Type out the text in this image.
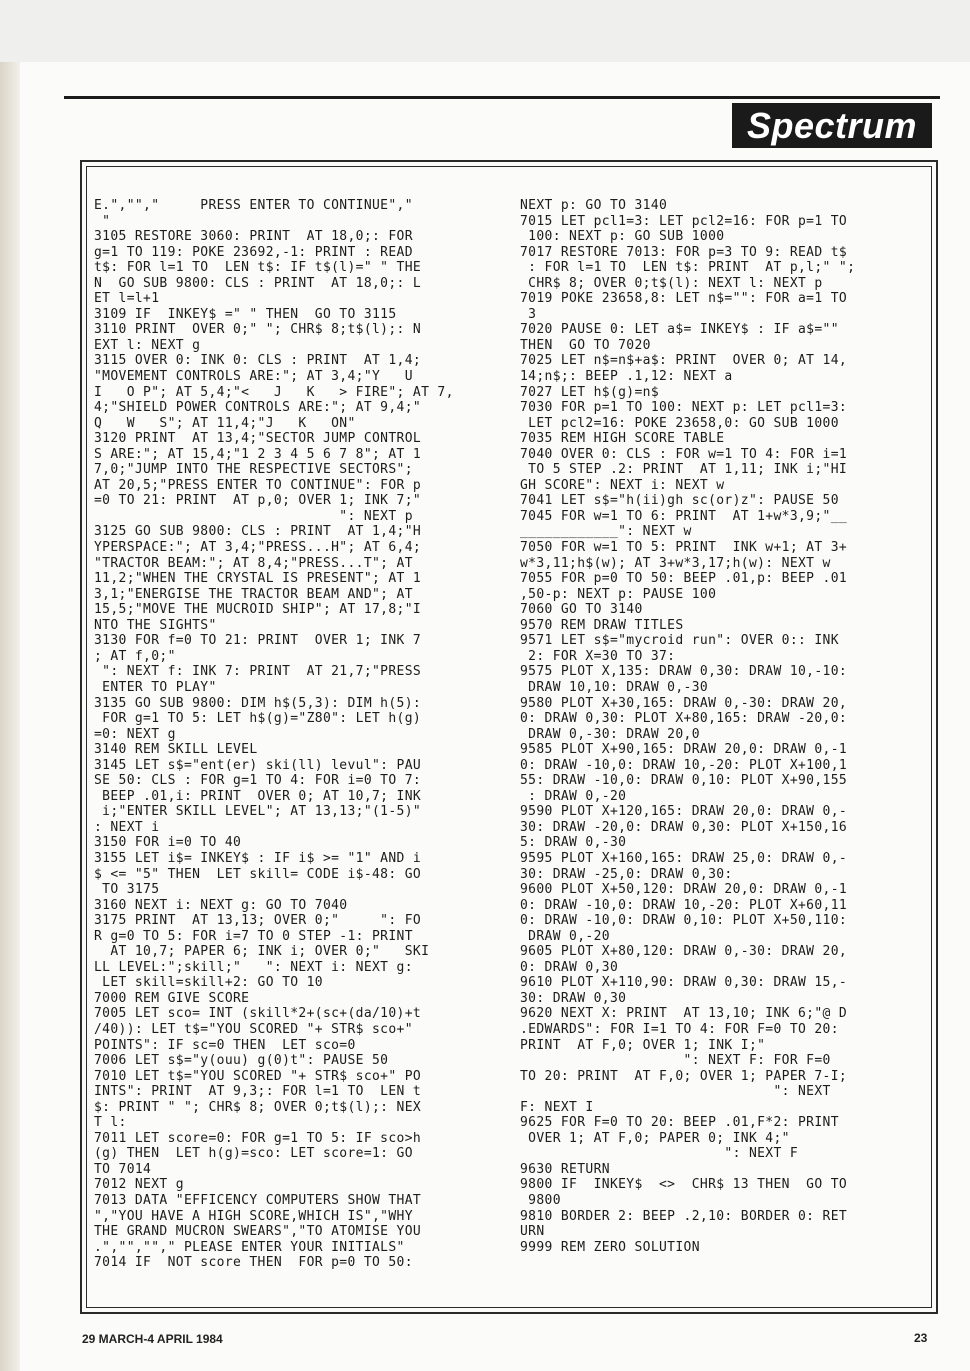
Spectrum
E.","","     PRESS ENTER TO CONTINUE","
"
3105 RESTORE 3060: PRINT  AT 18,0;: FOR
g=1 TO 119: POKE 23692,-1: PRINT : READ
t$: FOR l=1 TO  LEN t$: IF t$(l)=" " THE
N  GO SUB 9800: CLS : PRINT  AT 18,0;: L
ET l=l+1
3109 IF  INKEY$ =" " THEN  GO TO 3115
3110 PRINT  OVER 0;" "; CHR$ 8;t$(l);: N
EXT l: NEXT g
3115 OVER 0: INK 0: CLS : PRINT  AT 1,4;
"MOVEMENT CONTROLS ARE:"; AT 3,4;"Y   U
I   O P"; AT 5,4;"<   J   K   > FIRE"; AT 7,
4;"SHIELD POWER CONTROLS ARE:"; AT 9,4;"
Q   W   S"; AT 11,4;"J   K   ON"
3120 PRINT  AT 13,4;"SECTOR JUMP CONTROL
S ARE:"; AT 15,4;"1 2 3 4 5 6 7 8"; AT 1
7,0;"JUMP INTO THE RESPECTIVE SECTORS";
AT 20,5;"PRESS ENTER TO CONTINUE": FOR p
=0 TO 21: PRINT  AT p,0; OVER 1; INK 7;"
": NEXT p
3125 GO SUB 9800: CLS : PRINT  AT 1,4;"H
YPERSPACE:"; AT 3,4;"PRESS...H"; AT 6,4;
"TRACTOR BEAM:"; AT 8,4;"PRESS...T"; AT
11,2;"WHEN THE CRYSTAL IS PRESENT"; AT 1
3,1;"ENERGISE THE TRACTOR BEAM AND"; AT
15,5;"MOVE THE MUCROID SHIP"; AT 17,8;"I
NTO THE SIGHTS"
3130 FOR f=0 TO 21: PRINT  OVER 1; INK 7
; AT f,0;"
": NEXT f: INK 7: PRINT  AT 21,7;"PRESS
ENTER TO PLAY"
3135 GO SUB 9800: DIM h$(5,3): DIM h(5):
FOR g=1 TO 5: LET h$(g)="Z80": LET h(g)
=0: NEXT g
3140 REM SKILL LEVEL
3145 LET s$="ent(er) ski(ll) levul": PAU
SE 50: CLS : FOR g=1 TO 4: FOR i=0 TO 7:
BEEP .01,i: PRINT  OVER 0; AT 10,7; INK
i;"ENTER SKILL LEVEL"; AT 13,13;"(1-5)"
: NEXT i
3150 FOR i=0 TO 40
3155 LET i$= INKEY$ : IF i$ >= "1" AND i
$ <= "5" THEN  LET skill= CODE i$-48: GO
TO 3175
3160 NEXT i: NEXT g: GO TO 7040
3175 PRINT  AT 13,13; OVER 0;"     ": FO
R g=0 TO 5: FOR i=7 TO 0 STEP -1: PRINT
AT 10,7; PAPER 6; INK i; OVER 0;"   SKI
LL LEVEL:";skill;"   ": NEXT i: NEXT g:
LET skill=skill+2: GO TO 10
7000 REM GIVE SCORE
7005 LET sco= INT (skill*2+(sc+(da/10)+t
/40)): LET t$="YOU SCORED "+ STR$ sco+"
POINTS": IF sc=0 THEN  LET sco=0
7006 LET s$="y(ouu) g(0)t": PAUSE 50
7010 LET t$="YOU SCORED "+ STR$ sco+" PO
INTS": PRINT  AT 9,3;: FOR l=1 TO  LEN t
$: PRINT " "; CHR$ 8; OVER 0;t$(l);: NEX
T l:
7011 LET score=0: FOR g=1 TO 5: IF sco>h
(g) THEN  LET h(g)=sco: LET score=1: GO
TO 7014
7012 NEXT g
7013 DATA "EFFICENCY COMPUTERS SHOW THAT
","YOU HAVE A HIGH SCORE,WHICH IS","WHY
THE GRAND MUCRON SWEARS","TO ATOMISE YOU
.","",""," PLEASE ENTER YOUR INITIALS"
7014 IF  NOT score THEN  FOR p=0 TO 50:
NEXT p: GO TO 3140
7015 LET pcl1=3: LET pcl2=16: FOR p=1 TO
100: NEXT p: GO SUB 1000
7017 RESTORE 7013: FOR p=3 TO 9: READ t$
: FOR l=1 TO  LEN t$: PRINT  AT p,l;" ";
CHR$ 8; OVER 0;t$(l): NEXT l: NEXT p
7019 POKE 23658,8: LET n$="": FOR a=1 TO
3
7020 PAUSE 0: LET a$= INKEY$ : IF a$=""
THEN  GO TO 7020
7025 LET n$=n$+a$: PRINT  OVER 0; AT 14,
14;n$;: BEEP .1,12: NEXT a
7027 LET h$(g)=n$
7030 FOR p=1 TO 100: NEXT p: LET pcl1=3:
LET pcl2=16: POKE 23658,0: GO SUB 1000
7035 REM HIGH SCORE TABLE
7040 OVER 0: CLS : FOR w=1 TO 4: FOR i=1
TO 5 STEP .2: PRINT  AT 1,11; INK i;"HI
GH SCORE": NEXT i: NEXT w
7041 LET s$="h(ii)gh sc(or)z": PAUSE 50
7045 FOR w=1 TO 6: PRINT  AT 1+w*3,9;"__
____________": NEXT w
7050 FOR w=1 TO 5: PRINT  INK w+1; AT 3+
w*3,11;h$(w); AT 3+w*3,17;h(w): NEXT w
7055 FOR p=0 TO 50: BEEP .01,p: BEEP .01
,50-p: NEXT p: PAUSE 100
7060 GO TO 3140
9570 REM DRAW TITLES
9571 LET s$="mycroid run": OVER 0:: INK
2: FOR X=30 TO 37:
9575 PLOT X,135: DRAW 0,30: DRAW 10,-10:
DRAW 10,10: DRAW 0,-30
9580 PLOT X+30,165: DRAW 0,-30: DRAW 20,
0: DRAW 0,30: PLOT X+80,165: DRAW -20,0:
DRAW 0,-30: DRAW 20,0
9585 PLOT X+90,165: DRAW 20,0: DRAW 0,-1
0: DRAW -10,0: DRAW 10,-20: PLOT X+100,1
55: DRAW -10,0: DRAW 0,10: PLOT X+90,155
: DRAW 0,-20
9590 PLOT X+120,165: DRAW 20,0: DRAW 0,-
30: DRAW -20,0: DRAW 0,30: PLOT X+150,16
5: DRAW 0,-30
9595 PLOT X+160,165: DRAW 25,0: DRAW 0,-
30: DRAW -25,0: DRAW 0,30:
9600 PLOT X+50,120: DRAW 20,0: DRAW 0,-1
0: DRAW -10,0: DRAW 10,-20: PLOT X+60,11
0: DRAW -10,0: DRAW 0,10: PLOT X+50,110:
DRAW 0,-20
9605 PLOT X+80,120: DRAW 0,-30: DRAW 20,
0: DRAW 0,30
9610 PLOT X+110,90: DRAW 0,30: DRAW 15,-
30: DRAW 0,30
9620 NEXT X: PRINT  AT 13,10; INK 6;"@ D
.EDWARDS": FOR I=1 TO 4: FOR F=0 TO 20:
PRINT  AT F,0; OVER 1; INK I;"
": NEXT F: FOR F=0
TO 20: PRINT  AT F,0; OVER 1; PAPER 7-I;
": NEXT
F: NEXT I
9625 FOR F=0 TO 20: BEEP .01,F*2: PRINT
OVER 1; AT F,0; PAPER 0; INK 4;"
": NEXT F
9630 RETURN
9800 IF  INKEY$  <>  CHR$ 13 THEN  GO TO
9800
9810 BORDER 2: BEEP .2,10: BORDER 0: RET
URN
9999 REM ZERO SOLUTION
29 MARCH-4 APRIL 1984	23
